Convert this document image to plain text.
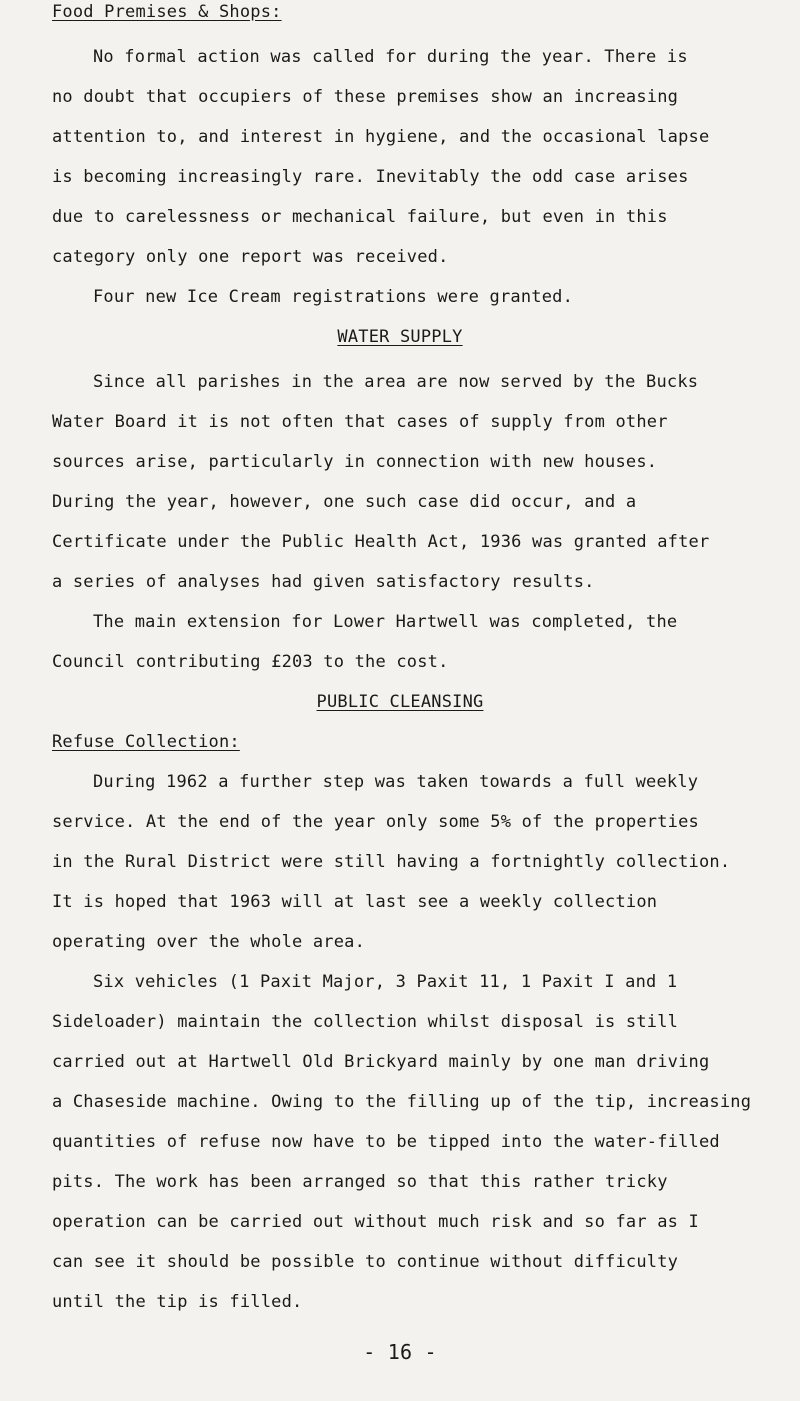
Food Premises & Shops:
No formal action was called for during the year. There is
no doubt that occupiers of these premises show an increasing
attention to, and interest in hygiene, and the occasional lapse
is becoming increasingly rare. Inevitably the odd case arises
due to carelessness or mechanical failure, but even in this
category only one report was received.
Four new Ice Cream registrations were granted.
WATER SUPPLY
Since all parishes in the area are now served by the Bucks
Water Board it is not often that cases of supply from other
sources arise, particularly in connection with new houses.
During the year, however, one such case did occur, and a
Certificate under the Public Health Act, 1936 was granted after
a series of analyses had given satisfactory results.
The main extension for Lower Hartwell was completed, the
Council contributing £203 to the cost.
PUBLIC CLEANSING
Refuse Collection:
During 1962 a further step was taken towards a full weekly
service. At the end of the year only some 5% of the properties
in the Rural District were still having a fortnightly collection.
It is hoped that 1963 will at last see a weekly collection
operating over the whole area.
Six vehicles (1 Paxit Major, 3 Paxit 11, 1 Paxit I and 1
Sideloader) maintain the collection whilst disposal is still
carried out at Hartwell Old Brickyard mainly by one man driving
a Chaseside machine. Owing to the filling up of the tip, increasing
quantities of refuse now have to be tipped into the water-filled
pits. The work has been arranged so that this rather tricky
operation can be carried out without much risk and so far as I
can see it should be possible to continue without difficulty
until the tip is filled.
- 16 -
